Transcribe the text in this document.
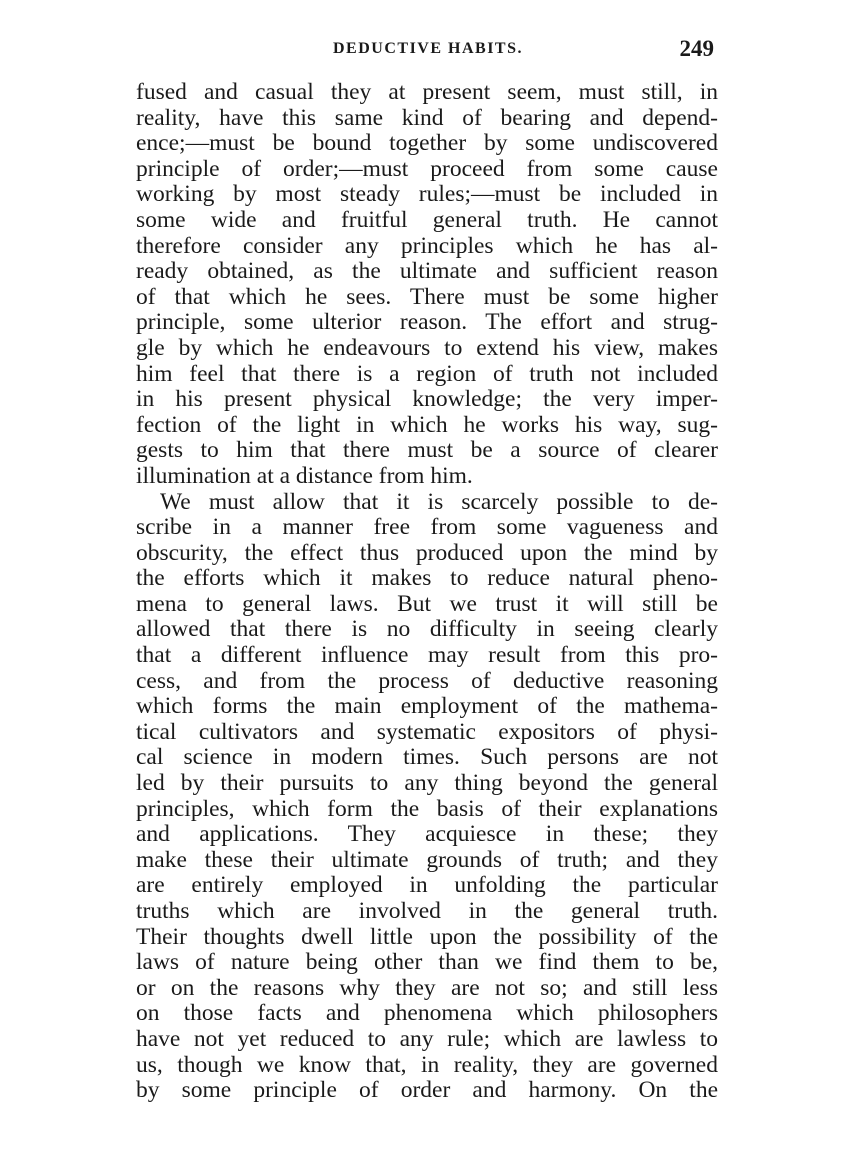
DEDUCTIVE HABITS.	249
fused and casual they at present seem, must still, in
reality, have this same kind of bearing and depend-
ence;—must be bound together by some undiscovered
principle of order;—must proceed from some cause
working by most steady rules;—must be included in
some wide and fruitful general truth. He cannot
therefore consider any principles which he has al-
ready obtained, as the ultimate and sufficient reason
of that which he sees. There must be some higher
principle, some ulterior reason. The effort and strug-
gle by which he endeavours to extend his view, makes
him feel that there is a region of truth not included
in his present physical knowledge; the very imper-
fection of the light in which he works his way, sug-
gests to him that there must be a source of clearer
illumination at a distance from him.
We must allow that it is scarcely possible to de-
scribe in a manner free from some vagueness and
obscurity, the effect thus produced upon the mind by
the efforts which it makes to reduce natural pheno-
mena to general laws. But we trust it will still be
allowed that there is no difficulty in seeing clearly
that a different influence may result from this pro-
cess, and from the process of deductive reasoning
which forms the main employment of the mathema-
tical cultivators and systematic expositors of physi-
cal science in modern times. Such persons are not
led by their pursuits to any thing beyond the general
principles, which form the basis of their explanations
and applications. They acquiesce in these; they
make these their ultimate grounds of truth; and they
are entirely employed in unfolding the particular
truths which are involved in the general truth.
Their thoughts dwell little upon the possibility of the
laws of nature being other than we find them to be,
or on the reasons why they are not so; and still less
on those facts and phenomena which philosophers
have not yet reduced to any rule; which are lawless to
us, though we know that, in reality, they are governed
by some principle of order and harmony. On the
